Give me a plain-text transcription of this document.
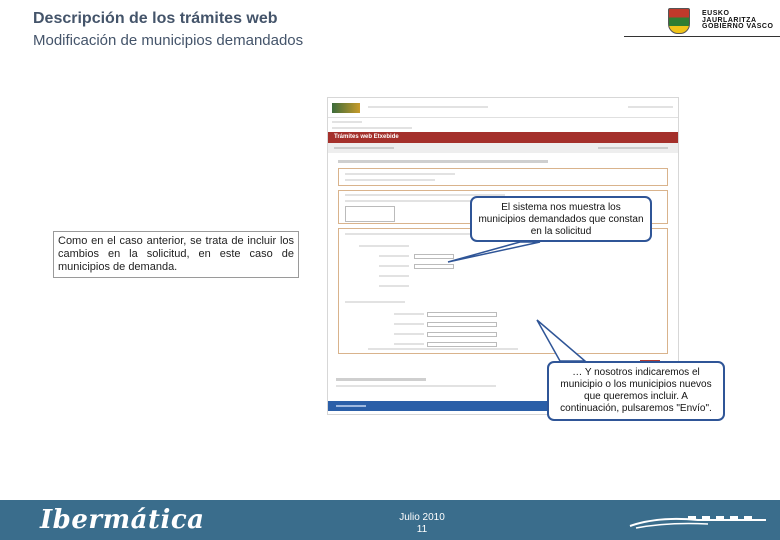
Descripción de los trámites web
Modificación de municipios demandados
EUSKO JAURLARITZA
GOBIERNO VASCO
Trámites web Etxebide
El sistema nos muestra los municipios demandados que constan en la solicitud
… Y nosotros indicaremos el municipio o los municipios nuevos que queremos incluir. A continuación, pulsaremos "Envío".
Como en el caso anterior, se trata de incluir los cambios en la solicitud, en este caso de municipios de demanda.
Ibermática	Julio 2010
11
